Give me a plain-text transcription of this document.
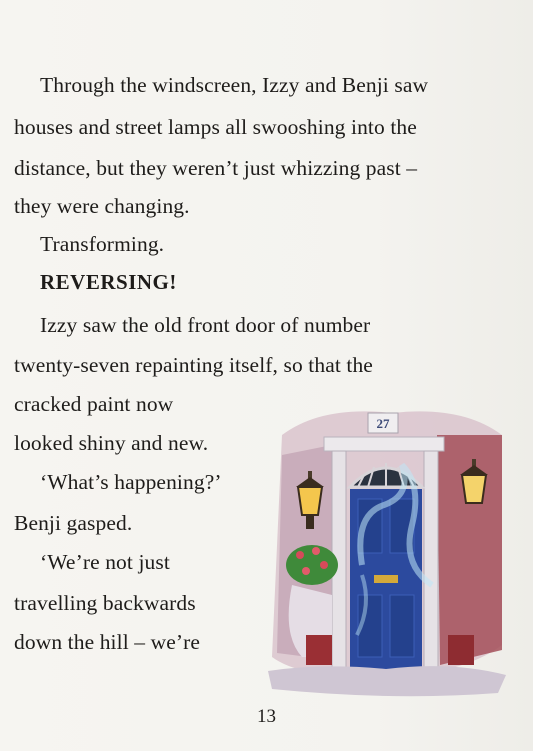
Through the windscreen, Izzy and Benji saw

houses and street lamps all swooshing into the

distance, but they weren’t just whizzing past –

they were changing.

Transforming.

REVERSING!

Izzy saw the old front door of number

twenty-seven repainting itself, so that the

cracked paint now

looked shiny and new.

‘What’s happening?’

Benji gasped.

‘We’re not just

travelling backwards

down the hill – we’re

27
13
